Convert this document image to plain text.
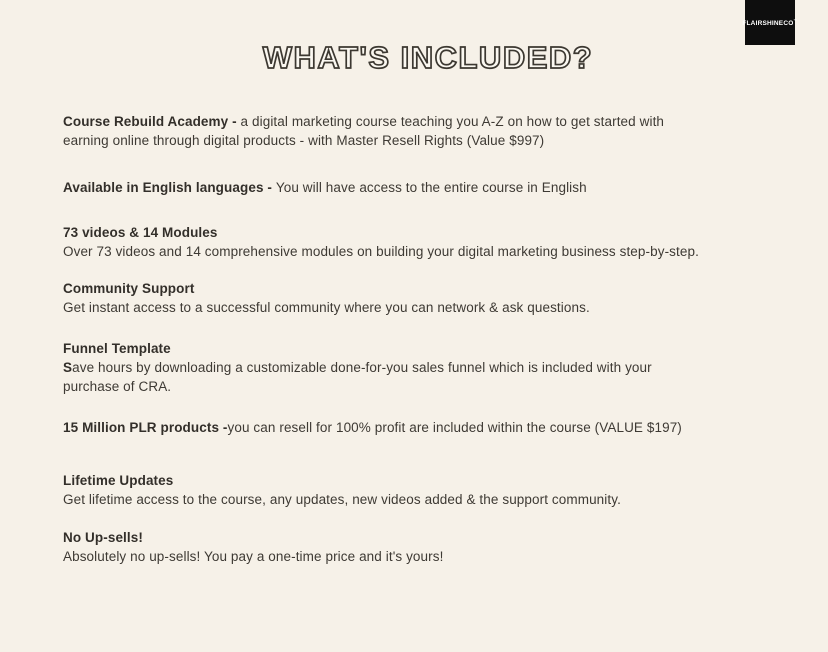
FLAIRSHINECO™
WHAT'S INCLUDED?

Course Rebuild Academy - a digital marketing course teaching you A-Z on how to get started with earning online through digital products - with Master Resell Rights (Value $997)

Available in English languages - You will have access to the entire course in English

73 videos & 14 Modules
Over 73 videos and 14 comprehensive modules on building your digital marketing business step-by-step.

Community Support
Get instant access to a successful community where you can network & ask questions.

Funnel Template
Save hours by downloading a customizable done-for-you sales funnel which is included with your purchase of CRA.

15 Million PLR products -you can resell for 100% profit are included within the course (VALUE $197)

Lifetime Updates
Get lifetime access to the course, any updates, new videos added & the support community.

No Up-sells!
Absolutely no up-sells! You pay a one-time price and it's yours!
